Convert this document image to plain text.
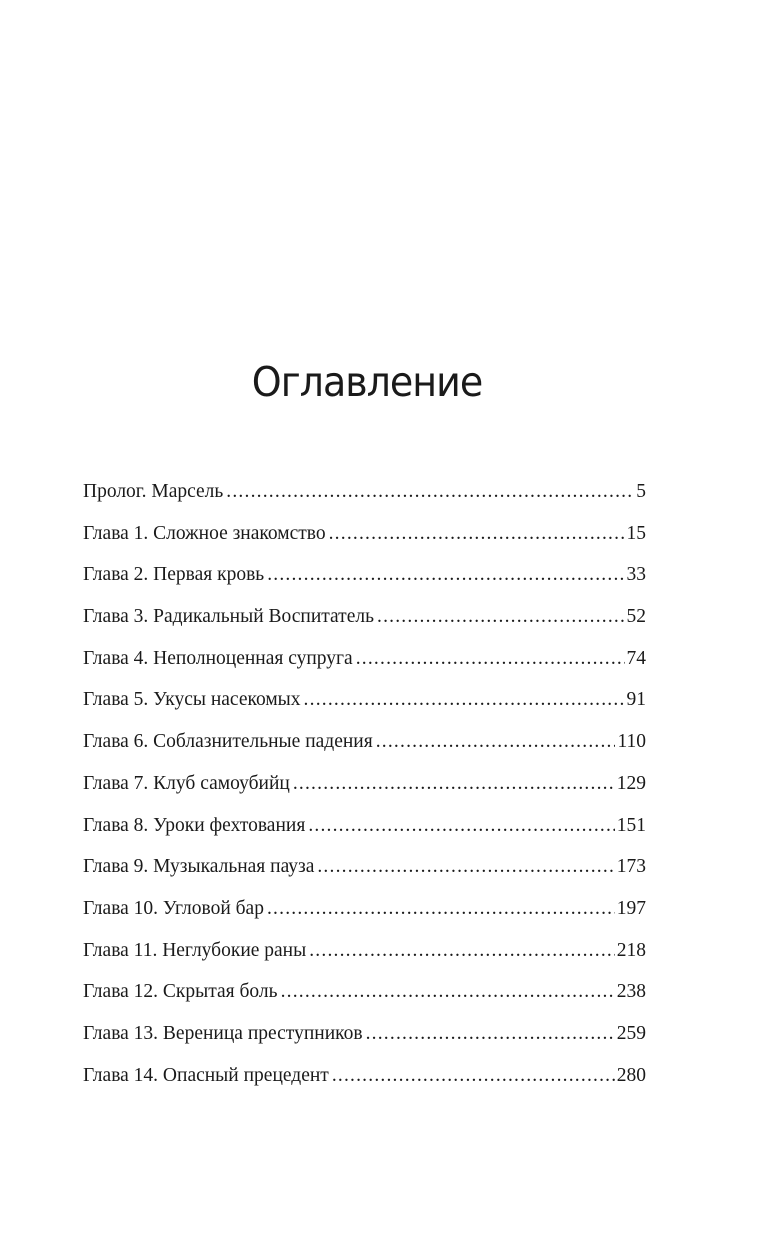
Оглавление
Пролог. Марсель .....	5
Глава 1. Сложное знакомство .....	15
Глава 2. Первая кровь .....	33
Глава 3. Радикальный Воспитатель .....	52
Глава 4. Неполноценная супруга .....	74
Глава 5. Укусы насекомых .....	91
Глава 6. Соблазнительные падения .....	110
Глава 7. Клуб самоубийц .....	129
Глава 8. Уроки фехтования .....	151
Глава 9. Музыкальная пауза .....	173
Глава 10. Угловой бар .....	197
Глава 11. Неглубокие раны .....	218
Глава 12. Скрытая боль .....	238
Глава 13. Вереница преступников .....	259
Глава 14. Опасный прецедент .....	280
